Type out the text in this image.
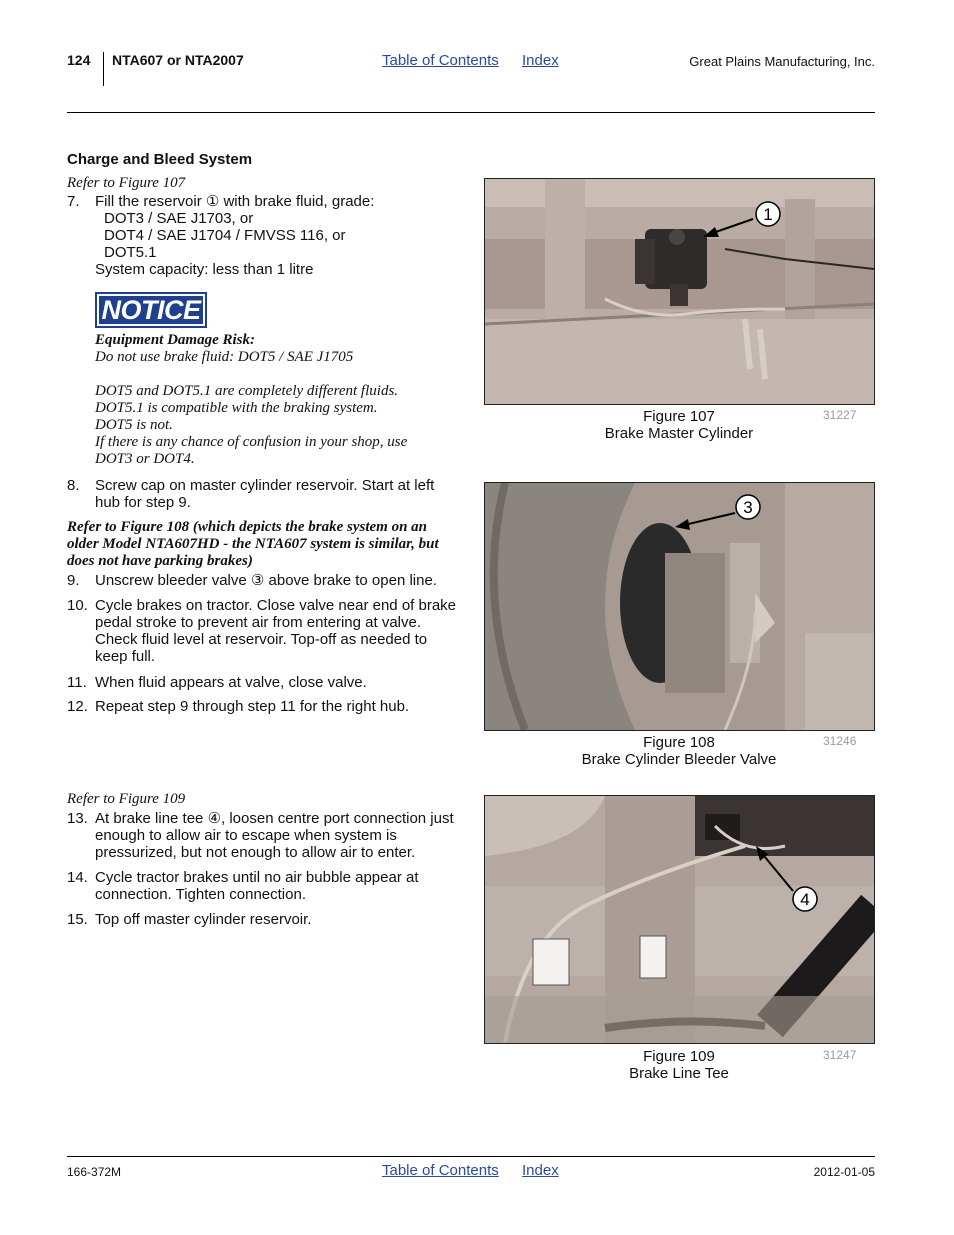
124 NTA607 or NTA2007	Table of Contents Index	Great Plains Manufacturing, Inc.
Charge and Bleed System
Refer to Figure 107
7. Fill the reservoir ① with brake fluid, grade:
DOT3 / SAE J1703, or
DOT4 / SAE J1704 / FMVSS 116, or
DOT5.1
System capacity: less than 1 litre
NOTICE
Equipment Damage Risk:
Do not use brake fluid: DOT5 / SAE J1705
DOT5 and DOT5.1 are completely different fluids.
DOT5.1 is compatible with the braking system.
DOT5 is not.
If there is any chance of confusion in your shop, use
DOT3 or DOT4.
8. Screw cap on master cylinder reservoir. Start at left hub for step 9.
Refer to Figure 108 (which depicts the brake system on an
older Model NTA607HD - the NTA607 system is similar, but
does not have parking brakes)
9. Unscrew bleeder valve ③ above brake to open line.
10. Cycle brakes on tractor. Close valve near end of brake pedal stroke to prevent air from entering at valve. Check fluid level at reservoir. Top-off as needed to keep full.
11. When fluid appears at valve, close valve.
12. Repeat step 9 through step 11 for the right hub.
Refer to Figure 109
13. At brake line tee ④, loosen centre port connection just enough to allow air to escape when system is pressurized, but not enough to allow air to enter.
14. Cycle tractor brakes until no air bubble appear at connection. Tighten connection.
15. Top off master cylinder reservoir.
1
Figure 107
Brake Master Cylinder
31227
3
Figure 108
Brake Cylinder Bleeder Valve
31246
4
Figure 109
Brake Line Tee
31247
166-372M	Table of Contents Index	2012-01-05
